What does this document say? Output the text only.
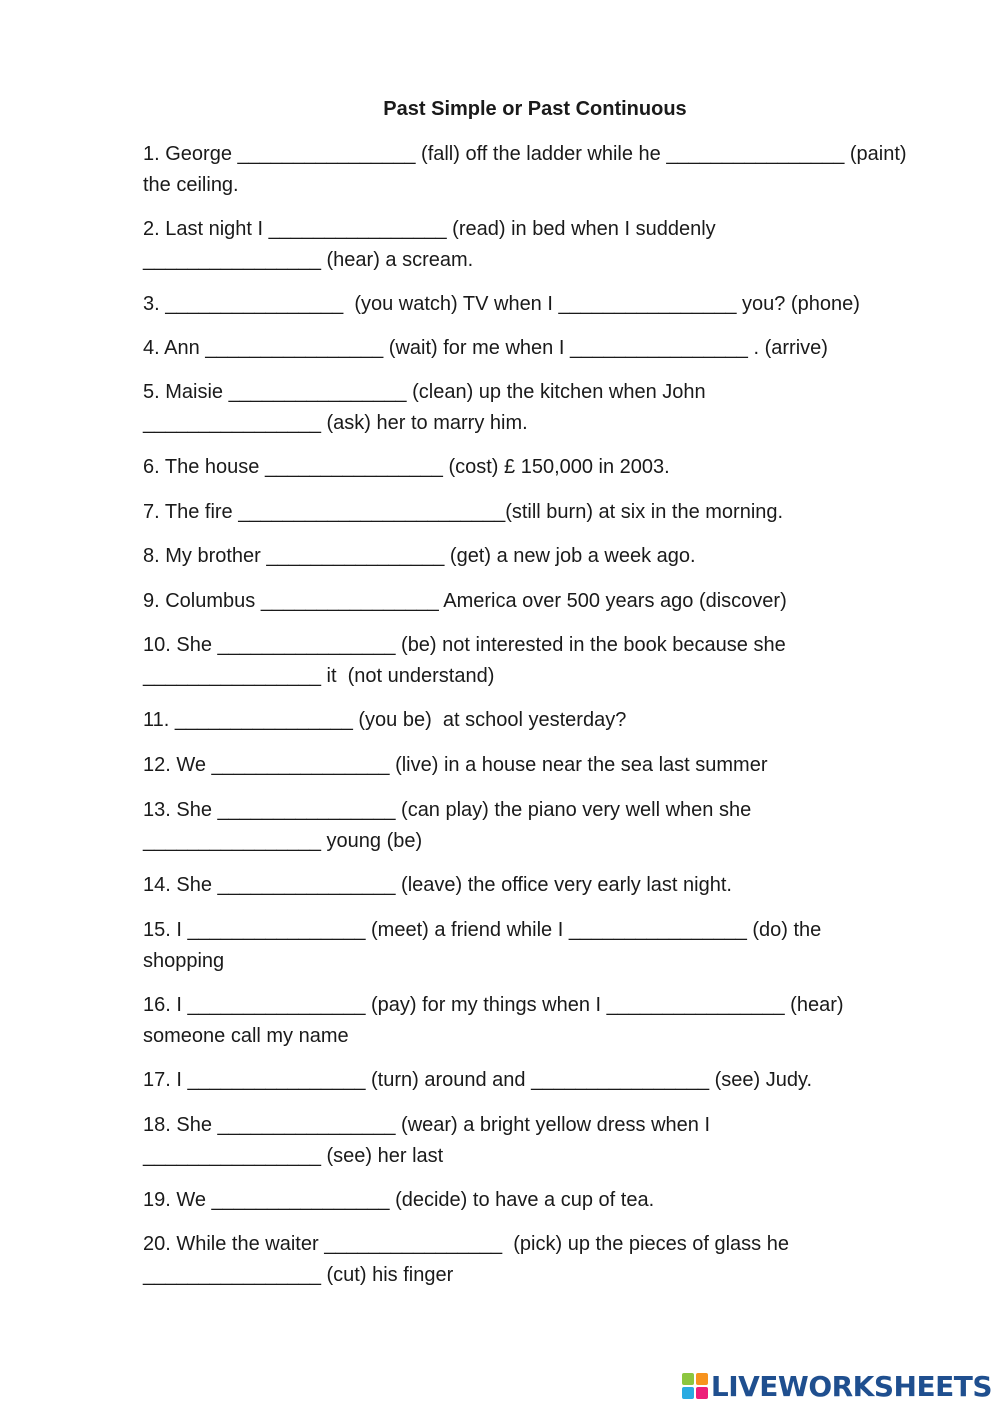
Past Simple or Past Continuous
1. George ________________ (fall) off the ladder while he ________________ (paint) the ceiling.
2. Last night I ________________ (read) in bed when I suddenly
________________ (hear) a scream.
3. ________________  (you watch) TV when I ________________ you? (phone)
4. Ann ________________ (wait) for me when I ________________ . (arrive)
5. Maisie ________________ (clean) up the kitchen when John
________________ (ask) her to marry him.
6. The house ________________ (cost) £ 150,000 in 2003.
7. The fire ________________________(still burn) at six in the morning.
8. My brother ________________ (get) a new job a week ago.
9. Columbus ________________ America over 500 years ago (discover)
10. She ________________ (be) not interested in the book because she
________________ it  (not understand)
11. ________________ (you be)  at school yesterday?
12. We ________________ (live) in a house near the sea last summer
13. She ________________ (can play) the piano very well when she
________________ young (be)
14. She ________________ (leave) the office very early last night.
15. I ________________ (meet) a friend while I ________________ (do) the
shopping
16. I ________________ (pay) for my things when I ________________ (hear)
someone call my name
17. I ________________ (turn) around and ________________ (see) Judy.
18. She ________________ (wear) a bright yellow dress when I
________________ (see) her last
19. We ________________ (decide) to have a cup of tea.
20. While the waiter ________________  (pick) up the pieces of glass he
________________ (cut) his finger
LIVEWORKSHEETS
